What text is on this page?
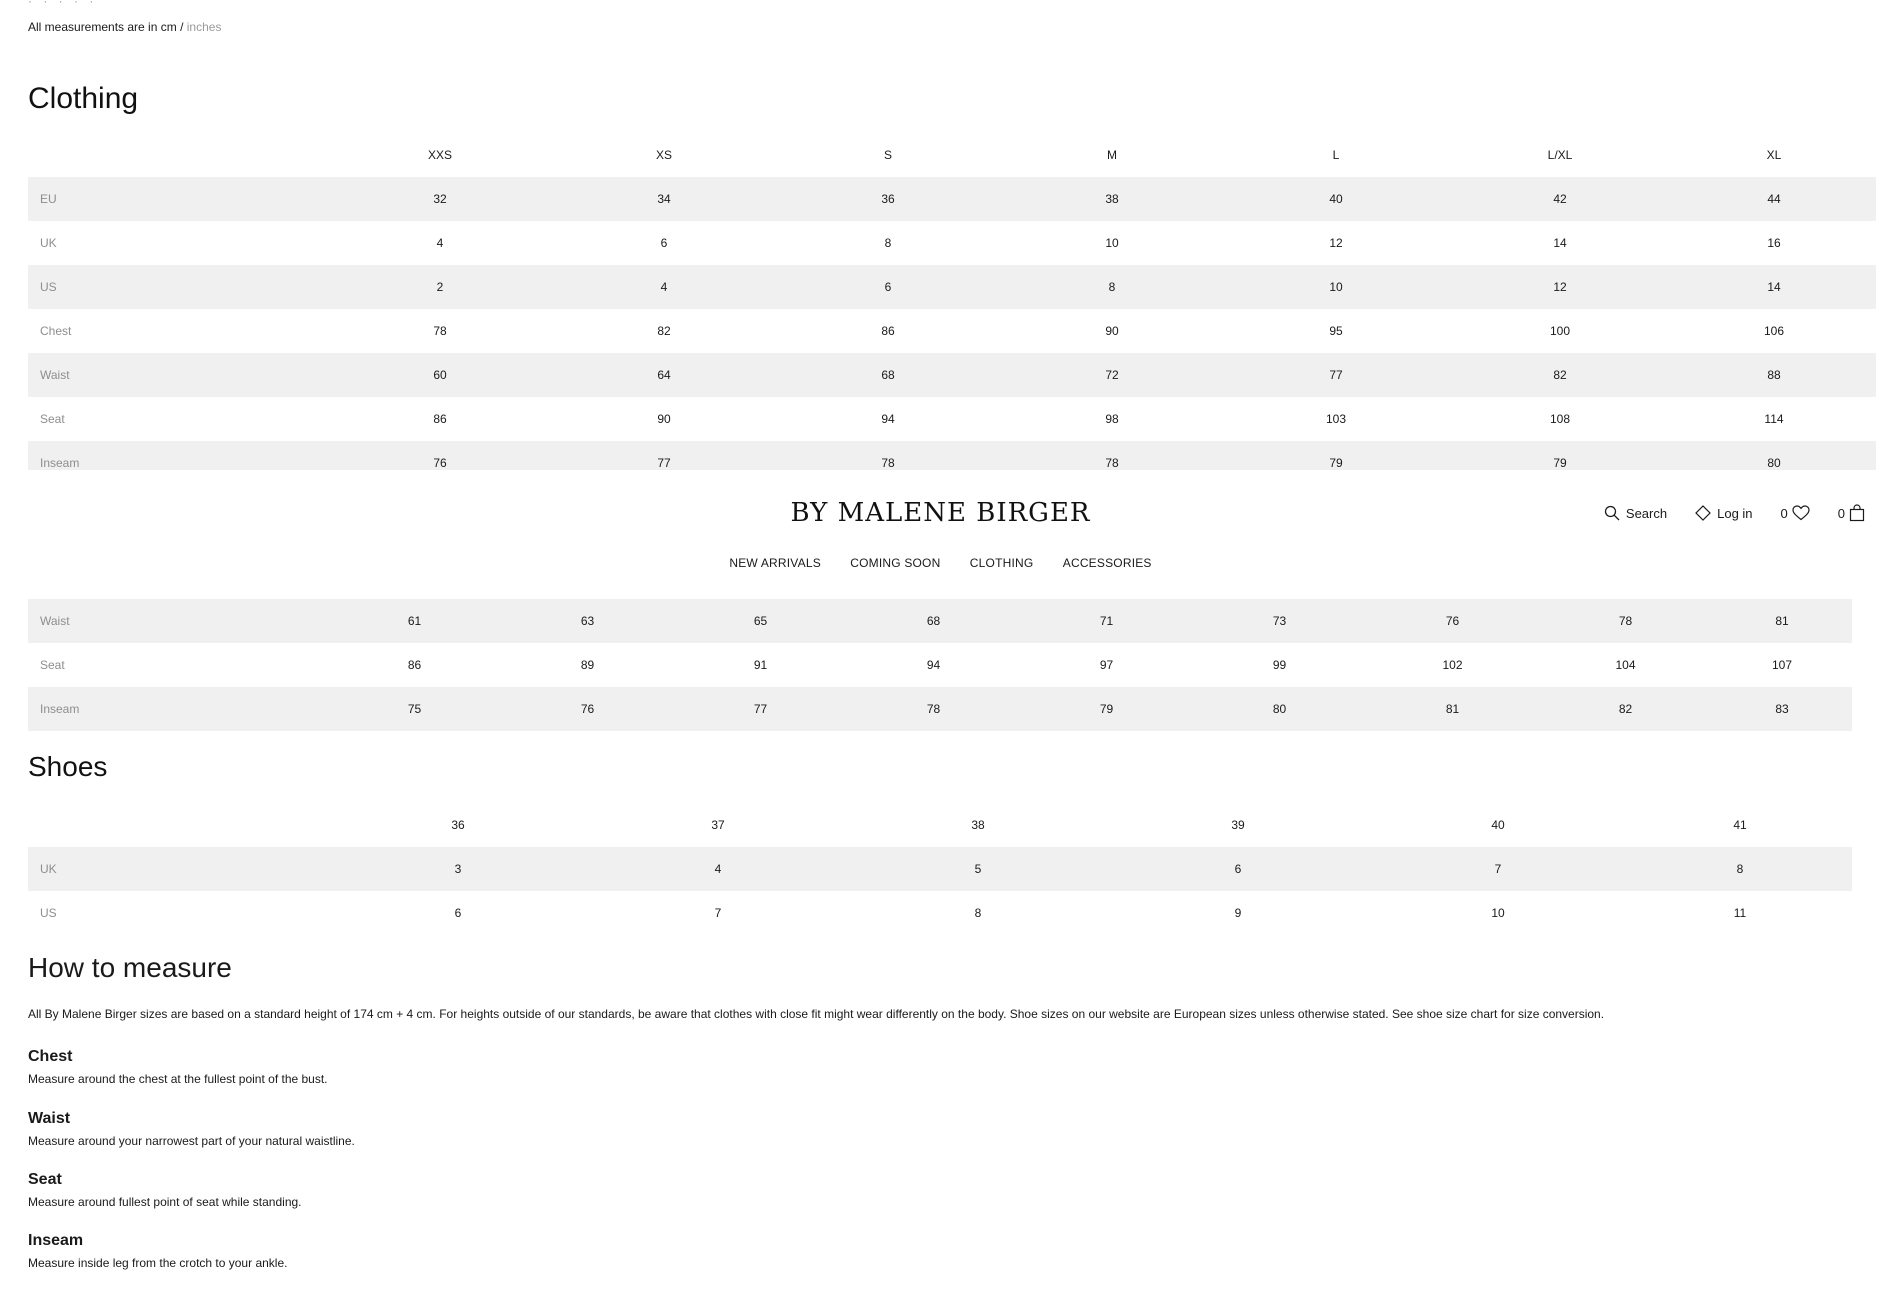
· · · · ·
All measurements are in cm / inches
Clothing
	XXS	XS	S	M	L	L/XL	XL
EU	32	34	36	38	40	42	44
UK	4	6	8	10	12	14	16
US	2	4	6	8	10	12	14
Chest	78	82	86	90	95	100	106
Waist	60	64	68	72	77	82	88
Seat	86	90	94	98	103	108	114
Inseam	76	77	78	78	79	79	80
BY MALENE BIRGER	Search	Log in 0	0
NEW ARRIVALS COMING SOON CLOTHING ACCESSORIES
Waist	61	63	65	68	71	73	76	78	81
Seat	86	89	91	94	97	99	102	104	107
Inseam	75	76	77	78	79	80	81	82	83
Shoes
	36	37	38	39	40	41
UK	3	4	5	6	7	8
US	6	7	8	9	10	11
How to measure
All By Malene Birger sizes are based on a standard height of 174 cm + 4 cm. For heights outside of our standards, be aware that clothes with close fit might wear differently on the body. Shoe sizes on our website are European sizes unless otherwise stated. See shoe size chart for size conversion.
Chest
Measure around the chest at the fullest point of the bust.
Waist
Measure around your narrowest part of your natural waistline.
Seat
Measure around fullest point of seat while standing.
Inseam
Measure inside leg from the crotch to your ankle.
